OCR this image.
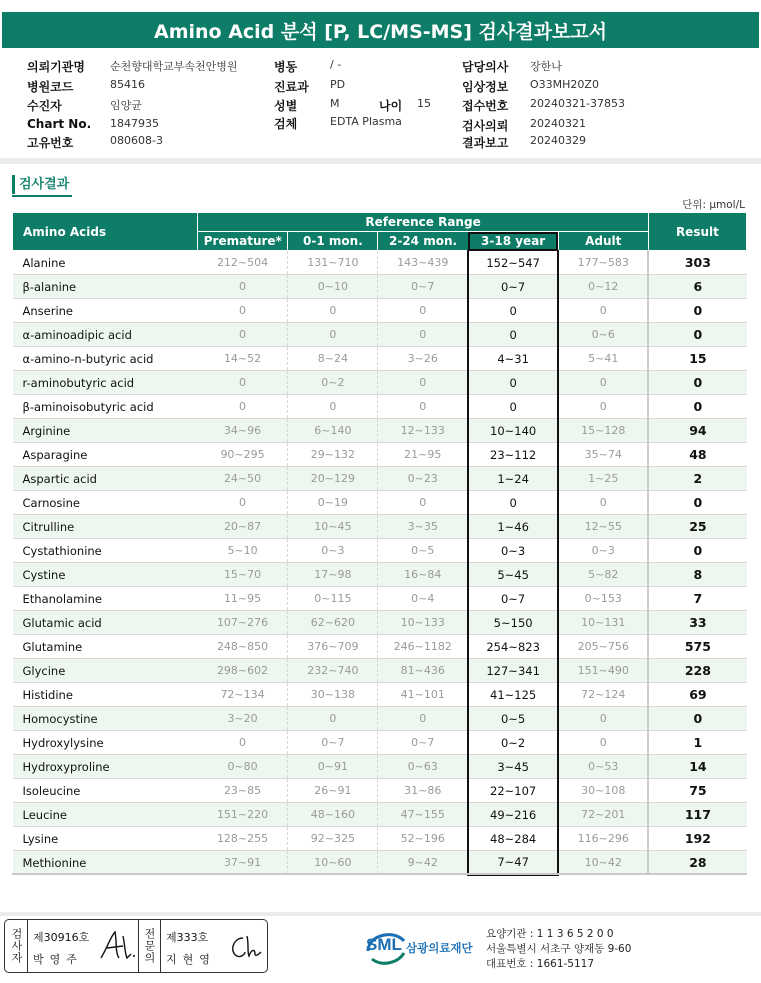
Amino Acid 분석 [P, LC/MS-MS] 검사결과보고서
의뢰기관명 순천향대학교부속천안병원
병원코드	85416
수진자	임양균
Chart No. 1847935
고유번호	080608-3
병동	/ -
진료과 PD
성별	M	나이 15
검체	EDTA Plasma
담당의사 장한나
임상정보 O33MH20Z0
접수번호 20240321-37853
검사의뢰 20240321
결과보고 20240329
검사결과
단위: μmol/L
Amino Acids	Reference Range					Result
	Premature*	0-1 mon.	2-24 mon.	3-18 year	Adult	
Alanine	212~504	131~710	143~439	152~547	177~583	303
β-alanine	0	0~10	0~7	0~7	0~12	6
Anserine	0	0	0	0	0	0
α-aminoadipic acid	0	0	0	0	0~6	0
α-amino-n-butyric acid	14~52	8~24	3~26	4~31	5~41	15
r-aminobutyric acid	0	0~2	0	0	0	0
β-aminoisobutyric acid	0	0	0	0	0	0
Arginine	34~96	6~140	12~133	10~140	15~128	94
Asparagine	90~295	29~132	21~95	23~112	35~74	48
Aspartic acid	24~50	20~129	0~23	1~24	1~25	2
Carnosine	0	0~19	0	0	0	0
Citrulline	20~87	10~45	3~35	1~46	12~55	25
Cystathionine	5~10	0~3	0~5	0~3	0~3	0
Cystine	15~70	17~98	16~84	5~45	5~82	8
Ethanolamine	11~95	0~115	0~4	0~7	0~153	7
Glutamic acid	107~276	62~620	10~133	5~150	10~131	33
Glutamine	248~850	376~709	246~1182	254~823	205~756	575
Glycine	298~602	232~740	81~436	127~341	151~490	228
Histidine	72~134	30~138	41~101	41~125	72~124	69
Homocystine	3~20	0	0	0~5	0	0
Hydroxylysine	0	0~7	0~7	0~2	0	1
Hydroxyproline	0~80	0~91	0~63	3~45	0~53	14
Isoleucine	23~85	26~91	31~86	22~107	30~108	75
Leucine	151~220	48~160	47~155	49~216	72~201	117
Lysine	128~255	92~325	52~196	48~284	116~296	192
Methionine	37~91	10~60	9~42	7~47	10~42	28
검사자 제30916호
박영주	전문의 제333호
지현영
SML 삼광의료재단
요양기관 : 1 1 3 6 5 2 0 0
서울특별시 서초구 양재동 9-60
대표번호 : 1661-5117
